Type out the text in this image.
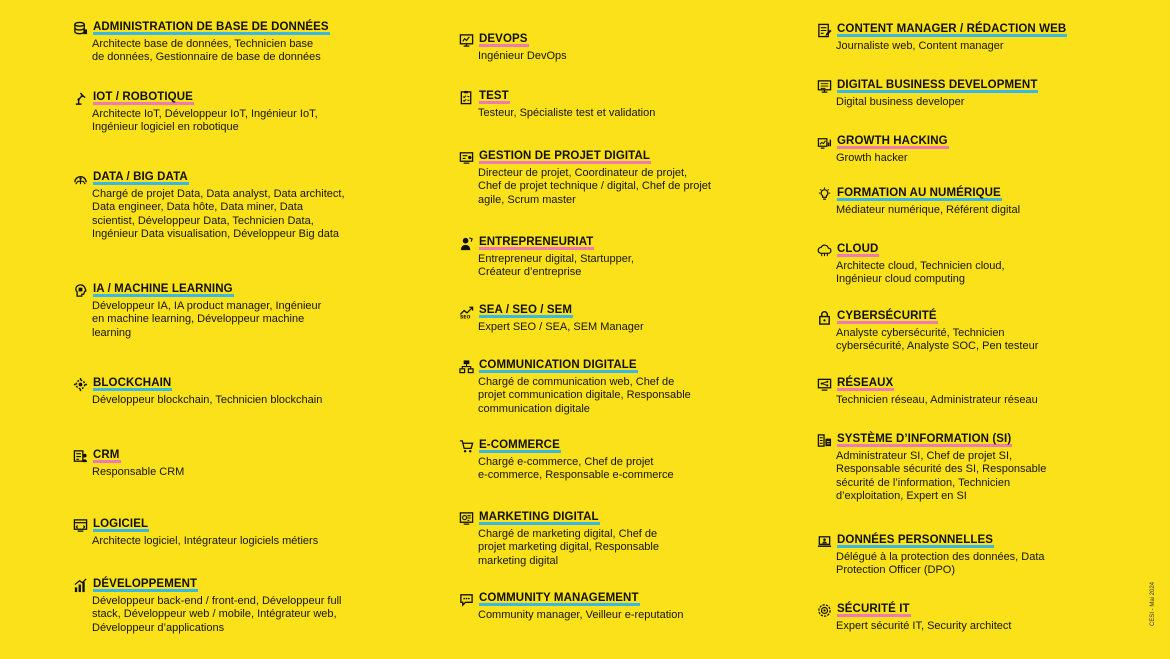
ADMINISTRATION DE BASE DE DONNÉES
Architecte base de données, Technicien base
de données, Gestionnaire de base de données
IOT / ROBOTIQUE
Architecte IoT, Développeur IoT, Ingénieur IoT,
Ingénieur logiciel en robotique
DATA / BIG DATA
Chargé de projet Data, Data analyst, Data architect,
Data engineer, Data hôte, Data miner, Data
scientist, Développeur Data, Technicien Data,
Ingénieur Data visualisation, Développeur Big data
IA / MACHINE LEARNING
Développeur IA, IA product manager, Ingénieur
en machine learning, Développeur machine
learning
BLOCKCHAIN
Développeur blockchain, Technicien blockchain
CRM
Responsable CRM
LOGICIEL
Architecte logiciel, Intégrateur logiciels métiers
DÉVELOPPEMENT
Développeur back-end / front-end, Développeur full
stack, Développeur web / mobile, Intégrateur web,
Développeur d’applications
DEVOPS
Ingénieur DevOps
TEST
Testeur, Spécialiste test et validation
GESTION DE PROJET DIGITAL
Directeur de projet, Coordinateur de projet,
Chef de projet technique / digital, Chef de projet
agile, Scrum master
ENTREPRENEURIAT
Entrepreneur digital, Startupper,
Créateur d’entreprise
SEO
SEA / SEO / SEM
Expert SEO / SEA, SEM Manager
COMMUNICATION DIGITALE
Chargé de communication web, Chef de
projet communication digitale, Responsable
communication digitale
E-COMMERCE
Chargé e-commerce, Chef de projet
e-commerce, Responsable e-commerce
MARKETING DIGITAL
Chargé de marketing digital, Chef de
projet marketing digital, Responsable
marketing digital
COMMUNITY MANAGEMENT
Community manager, Veilleur e-reputation
CONTENT MANAGER / RÉDACTION WEB
Journaliste web, Content manager
DIGITAL BUSINESS DEVELOPMENT
Digital business developer
GROWTH HACKING
Growth hacker
FORMATION AU NUMÉRIQUE
Médiateur numérique, Référent digital
CLOUD
Architecte cloud, Technicien cloud,
Ingénieur cloud computing
CYBERSÉCURITÉ
Analyste cybersécurité, Technicien
cybersécurité, Analyste SOC, Pen testeur
RÉSEAUX
Technicien réseau, Administrateur réseau
SYSTÈME D’INFORMATION (SI)
Administrateur SI, Chef de projet SI,
Responsable sécurité des SI, Responsable
sécurité de l’information, Technicien
d’exploitation, Expert en SI
DONNÉES PERSONNELLES
Délégué à la protection des données, Data
Protection Officer (DPO)
SÉCURITÉ IT
Expert sécurité IT, Security architect	CESI - Mai 2024
